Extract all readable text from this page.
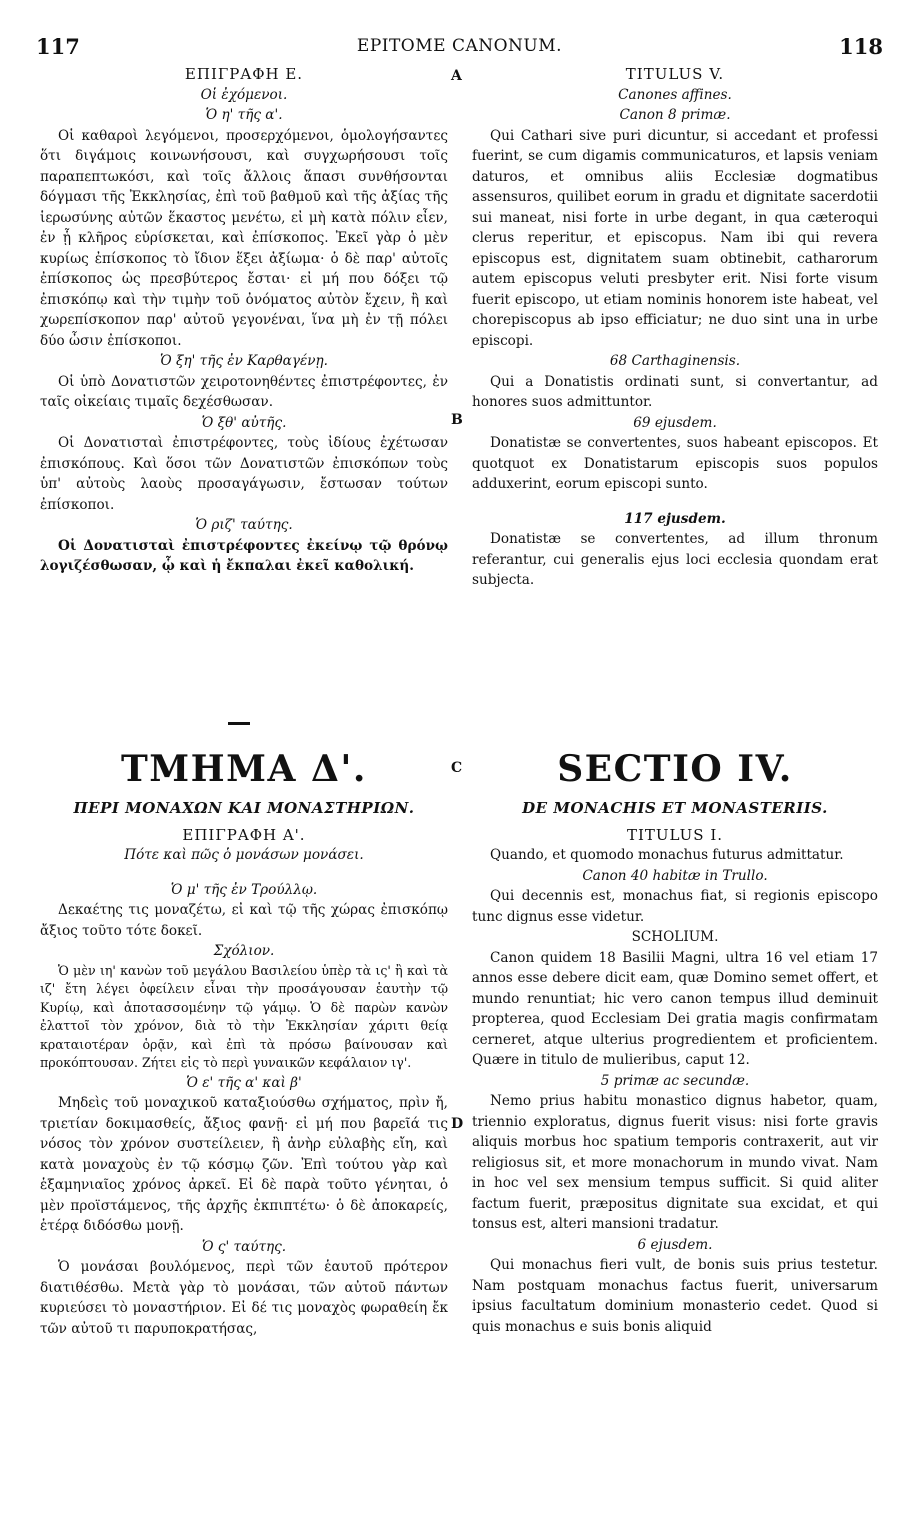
117	EPITOME CANONUM.	118
A
B
C
D
ΕΠΙΓΡΑΦΗ Ε.
Οἱ ἐχόμενοι.
Ὁ η' τῆς α'.

Οἱ καθαροὶ λεγόμενοι, προσερχόμενοι, ὁμολογήσαντες ὅτι διγάμοις κοινωνήσουσι, καὶ συγχωρήσουσι τοῖς παραπεπτωκόσι, καὶ τοῖς ἄλλοις ἅπασι συνθήσονται δόγμασι τῆς Ἐκκλησίας, ἐπὶ τοῦ βαθμοῦ καὶ τῆς ἀξίας τῆς ἱερωσύνης αὐτῶν ἕκαστος μενέτω, εἰ μὴ κατὰ πόλιν εἶεν, ἐν ᾗ κλῆρος εὑρίσκεται, καὶ ἐπίσκοπος. Ἐκεῖ γὰρ ὁ μὲν κυρίως ἐπίσκοπος τὸ ἴδιον ἕξει ἀξίωμα· ὁ δὲ παρ' αὐτοῖς ἐπίσκοπος ὡς πρεσβύτερος ἔσται· εἰ μή που δόξει τῷ ἐπισκόπῳ καὶ τὴν τιμὴν τοῦ ὀνόματος αὐτὸν ἔχειν, ἢ καὶ χωρεπίσκοπον παρ' αὐτοῦ γεγονέναι, ἵνα μὴ ἐν τῇ πόλει δύο ὦσιν ἐπίσκοποι.

Ὁ ξη' τῆς ἐν Καρθαγένῃ.

Οἱ ὑπὸ Δονατιστῶν χειροτονηθέντες ἐπιστρέφοντες, ἐν ταῖς οἰκείαις τιμαῖς δεχέσθωσαν.

Ὁ ξθ' αὐτῆς.

Οἱ Δονατισταὶ ἐπιστρέφοντες, τοὺς ἰδίους ἐχέτωσαν ἐπισκόπους. Καὶ ὅσοι τῶν Δονατιστῶν ἐπισκόπων τοὺς ὑπ' αὐτοὺς λαοὺς προσαγάγωσιν, ἔστωσαν τούτων ἐπίσκοποι.

Ὁ ριζ' ταύτης.

Οἱ Δονατισταὶ ἐπιστρέφοντες ἐκείνῳ τῷ θρόνῳ λογιζέσθωσαν, ᾧ καὶ ἡ ἔκπαλαι ἐκεῖ καθολική.

TITULUS V.
Canones affines.
Canon 8 primæ.

Qui Cathari sive puri dicuntur, si accedant et professi fuerint, se cum digamis communicaturos, et lapsis veniam daturos, et omnibus aliis Ecclesiæ dogmatibus assensuros, quilibet eorum in gradu et dignitate sacerdotii sui maneat, nisi forte in urbe degant, in qua cæteroqui clerus reperitur, et episcopus. Nam ibi qui revera episcopus est, dignitatem suam obtinebit, catharorum autem episcopus veluti presbyter erit. Nisi forte visum fuerit episcopo, ut etiam nominis honorem iste habeat, vel chorepiscopus ab ipso efficiatur; ne duo sint una in urbe episcopi.

68 Carthaginensis.

Qui a Donatistis ordinati sunt, si convertantur, ad honores suos admittuntor.

69 ejusdem.

Donatistæ se convertentes, suos habeant episcopos. Et quotquot ex Donatistarum episcopis suos populos adduxerint, eorum episcopi sunto.

117 ejusdem.

Donatistæ se convertentes, ad illum thronum referantur, cui generalis ejus loci ecclesia quondam erat subjecta.

ΤΜΗΜΑ Δ'.
ΠΕΡΙ ΜΟΝΑΧΩΝ ΚΑΙ ΜΟΝΑΣΤΗΡΙΩΝ.
ΕΠΙΓΡΑΦΗ Α'.
Πότε καὶ πῶς ὁ μονάσων μονάσει.
Ὁ μ' τῆς ἐν Τρούλλῳ.

Δεκαέτης τις μοναζέτω, εἰ καὶ τῷ τῆς χώρας ἐπισκόπῳ ἄξιος τοῦτο τότε δοκεῖ.

Σχόλιον.

Ὁ μὲν ιη' κανὼν τοῦ μεγάλου Βασιλείου ὑπὲρ τὰ ις' ἢ καὶ τὰ ιζ' ἔτη λέγει ὀφείλειν εἶναι τὴν προσάγουσαν ἑαυτὴν τῷ Κυρίῳ, καὶ ἀποτασσομένην τῷ γάμῳ. Ὁ δὲ παρὼν κανὼν ἐλαττοῖ τὸν χρόνον, διὰ τὸ τὴν Ἐκκλησίαν χάριτι θείᾳ κραταιοτέραν ὁρᾷν, καὶ ἐπὶ τὰ πρόσω βαίνουσαν καὶ προκόπτουσαν. Ζήτει εἰς τὸ περὶ γυναικῶν κεφάλαιον ιγ'.

Ὁ ε' τῆς α' καὶ β'

Μηδεὶς τοῦ μοναχικοῦ καταξιούσθω σχήματος, πρὶν ἤ, τριετίαν δοκιμασθείς, ἄξιος φανῇ· εἰ μή που βαρεῖά τις νόσος τὸν χρόνον συστείλειεν, ἢ ἀνὴρ εὐλαβὴς εἴη, καὶ κατὰ μοναχοὺς ἐν τῷ κόσμῳ ζῶν. Ἐπὶ τούτου γὰρ καὶ ἑξαμηνιαῖος χρόνος ἀρκεῖ. Εἰ δὲ παρὰ τοῦτο γένηται, ὁ μὲν προϊστάμενος, τῆς ἀρχῆς ἐκπιπτέτω· ὁ δὲ ἀποκαρείς, ἑτέρᾳ διδόσθω μονῇ.

Ὁ ς' ταύτης.

Ὁ μονάσαι βουλόμενος, περὶ τῶν ἑαυτοῦ πρότερον διατιθέσθω. Μετὰ γὰρ τὸ μονάσαι, τῶν αὐτοῦ πάντων κυριεύσει τὸ μοναστήριον. Εἰ δέ τις μοναχὸς φωραθείη ἔκ τῶν αὐτοῦ τι παρυποκρατήσας,

SECTIO IV.
DE MONACHIS ET MONASTERIIS.
TITULUS I.

Quando, et quomodo monachus futurus admittatur.

Canon 40 habitæ in Trullo.

Qui decennis est, monachus fiat, si regionis episcopo tunc dignus esse videtur.

SCHOLIUM.

Canon quidem 18 Basilii Magni, ultra 16 vel etiam 17 annos esse debere dicit eam, quæ Domino semet offert, et mundo renuntiat; hic vero canon tempus illud deminuit propterea, quod Ecclesiam Dei gratia magis confirmatam cerneret, atque ulterius progredientem et proficientem. Quære in titulo de mulieribus, caput 12.

5 primæ ac secundæ.

Nemo prius habitu monastico dignus habetor, quam, triennio exploratus, dignus fuerit visus: nisi forte gravis aliquis morbus hoc spatium temporis contraxerit, aut vir religiosus sit, et more monachorum in mundo vivat. Nam in hoc vel sex mensium tempus sufficit. Si quid aliter factum fuerit, præpositus dignitate sua excidat, et qui tonsus est, alteri mansioni tradatur.

6 ejusdem.

Qui monachus fieri vult, de bonis suis prius testetur. Nam postquam monachus factus fuerit, universarum ipsius facultatum dominium monasterio cedet. Quod si quis monachus e suis bonis aliquid
